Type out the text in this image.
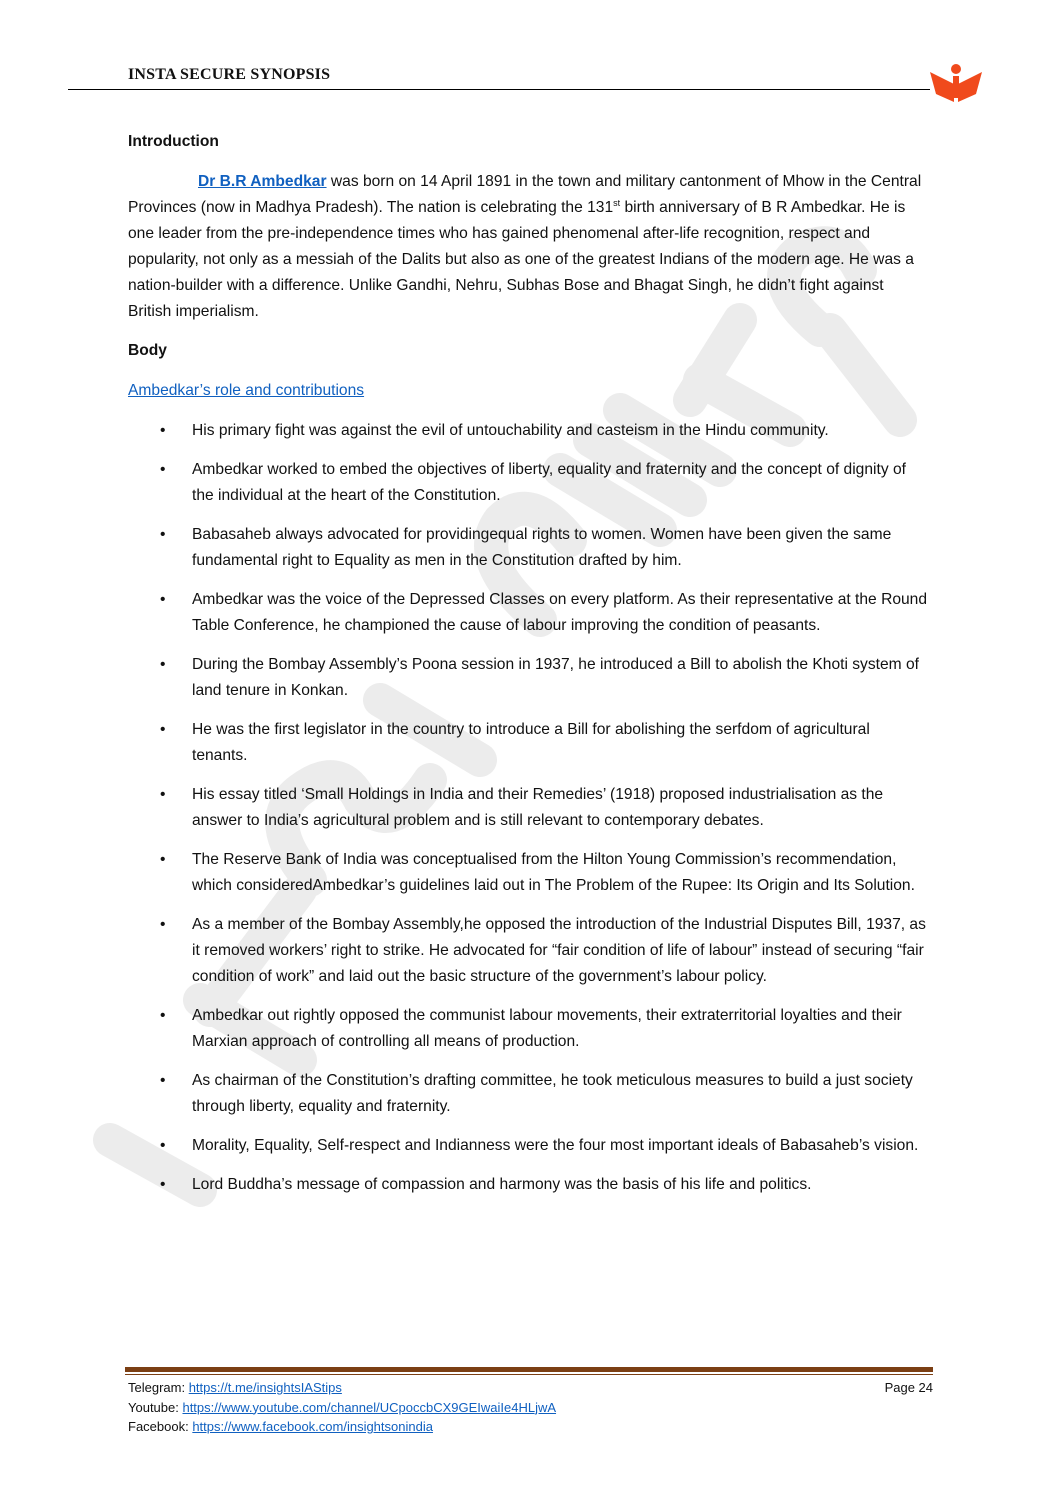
INSTA SECURE SYNOPSIS
Introduction

Dr B.R Ambedkar was born on 14 April 1891 in the town and military cantonment of Mhow in the Central Provinces (now in Madhya Pradesh). The nation is celebrating the 131st birth anniversary of B R Ambedkar. He is one leader from the pre-independence times who has gained phenomenal after-life recognition, respect and popularity, not only as a messiah of the Dalits but also as one of the greatest Indians of the modern age. He was a nation-builder with a difference. Unlike Gandhi, Nehru, Subhas Bose and Bhagat Singh, he didn’t fight against British imperialism.

Body
Ambedkar’s role and contributions
• His primary fight was against the evil of untouchability and casteism in the Hindu community.
• Ambedkar worked to embed the objectives of liberty, equality and fraternity and the concept of dignity of the individual at the heart of the Constitution.
• Babasaheb always advocated for providingequal rights to women. Women have been given the same fundamental right to Equality as men in the Constitution drafted by him.
• Ambedkar was the voice of the Depressed Classes on every platform. As their representative at the Round Table Conference, he championed the cause of labour improving the condition of peasants.
• During the Bombay Assembly’s Poona session in 1937, he introduced a Bill to abolish the Khoti system of land tenure in Konkan.
• He was the first legislator in the country to introduce a Bill for abolishing the serfdom of agricultural tenants.
• His essay titled ‘Small Holdings in India and their Remedies’ (1918) proposed industrialisation as the answer to India’s agricultural problem and is still relevant to contemporary debates.
• The Reserve Bank of India was conceptualised from the Hilton Young Commission’s recommendation, which consideredAmbedkar’s guidelines laid out in The Problem of the Rupee: Its Origin and Its Solution.
• As a member of the Bombay Assembly,he opposed the introduction of the Industrial Disputes Bill, 1937, as it removed workers’ right to strike. He advocated for “fair condition of life of labour” instead of securing “fair condition of work” and laid out the basic structure of the government’s labour policy.
• Ambedkar out rightly opposed the communist labour movements, their extraterritorial loyalties and their Marxian approach of controlling all means of production.
• As chairman of the Constitution’s drafting committee, he took meticulous measures to build a just society through liberty, equality and fraternity.
• Morality, Equality, Self-respect and Indianness were the four most important ideals of Babasaheb’s vision.
• Lord Buddha’s message of compassion and harmony was the basis of his life and politics.
Telegram: https://t.me/insightsIAStips
Youtube: https://www.youtube.com/channel/UCpoccbCX9GEIwaiIe4HLjwA
Facebook: https://www.facebook.com/insightsonindia
Page 24
